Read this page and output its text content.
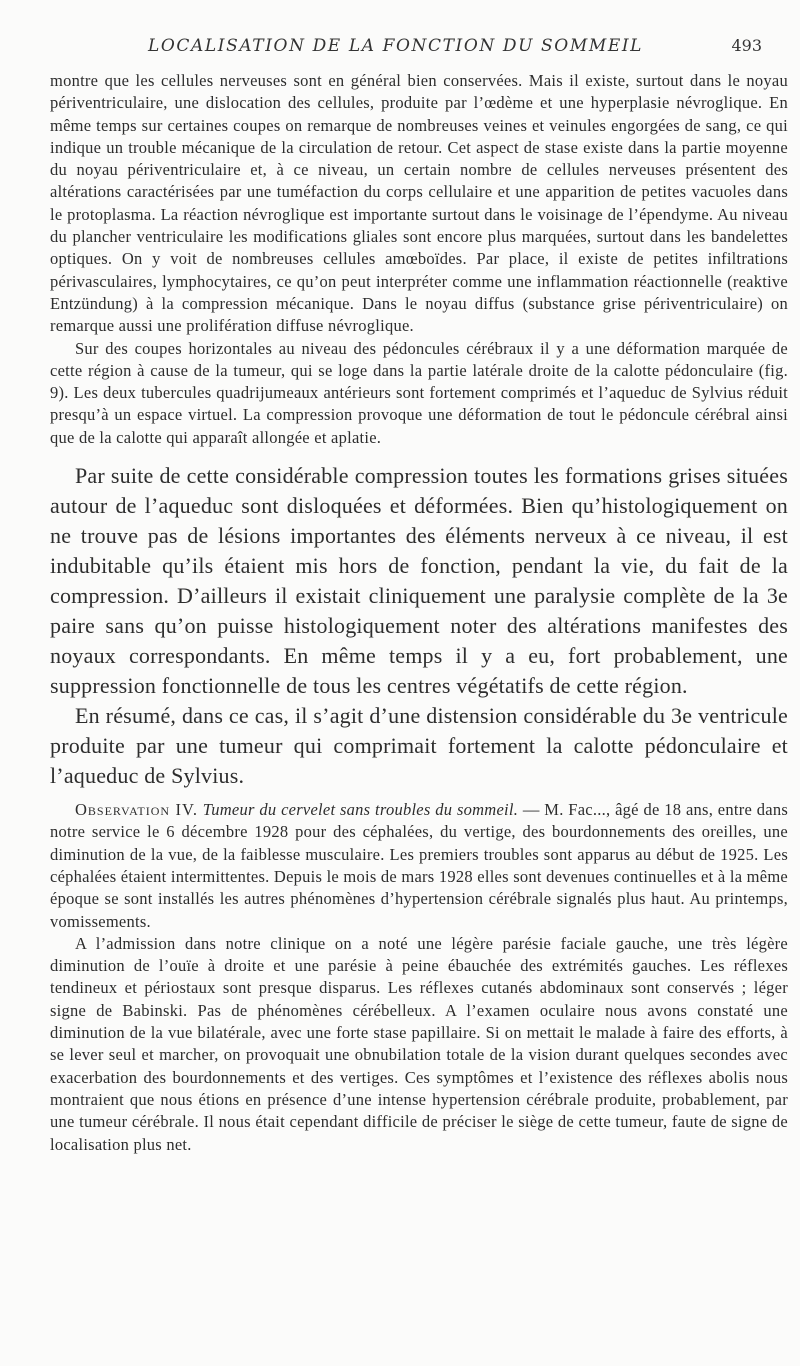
LOCALISATION DE LA FONCTION DU SOMMEIL	493

montre que les cellules nerveuses sont en général bien conservées. Mais il existe, surtout dans le noyau périventriculaire, une dislocation des cellules, produite par l’œdème et une hyperplasie névroglique. En même temps sur certaines coupes on remarque de nombreuses veines et veinules engorgées de sang, ce qui indique un trouble mécanique de la circulation de retour. Cet aspect de stase existe dans la partie moyenne du noyau périventriculaire et, à ce niveau, un certain nombre de cellules nerveuses présentent des altérations caractérisées par une tuméfaction du corps cellulaire et une apparition de petites vacuoles dans le protoplasma. La réaction névroglique est importante surtout dans le voisinage de l’épendyme. Au niveau du plancher ventriculaire les modifications gliales sont encore plus marquées, surtout dans les bandelettes optiques. On y voit de nombreuses cellules amœboïdes. Par place, il existe de petites infiltrations périvasculaires, lymphocytaires, ce qu’on peut interpréter comme une inflammation réactionnelle (reaktive Entzündung) à la compression mécanique. Dans le noyau diffus (substance grise périventriculaire) on remarque aussi une prolifération diffuse névroglique.

Sur des coupes horizontales au niveau des pédoncules cérébraux il y a une déformation marquée de cette région à cause de la tumeur, qui se loge dans la partie latérale droite de la calotte pédonculaire (fig. 9). Les deux tubercules quadrijumeaux antérieurs sont fortement comprimés et l’aqueduc de Sylvius réduit presqu’à un espace virtuel. La compression provoque une déformation de tout le pédoncule cérébral ainsi que de la calotte qui apparaît allongée et aplatie.

Par suite de cette considérable compression toutes les formations grises situées autour de l’aqueduc sont disloquées et déformées. Bien qu’histologiquement on ne trouve pas de lésions importantes des éléments nerveux à ce niveau, il est indubitable qu’ils étaient mis hors de fonction, pendant la vie, du fait de la compression. D’ailleurs il existait cliniquement une paralysie complète de la 3e paire sans qu’on puisse histologiquement noter des altérations manifestes des noyaux correspondants. En même temps il y a eu, fort probablement, une suppression fonctionnelle de tous les centres végétatifs de cette région.

En résumé, dans ce cas, il s’agit d’une distension considérable du 3e ventricule produite par une tumeur qui comprimait fortement la calotte pédonculaire et l’aqueduc de Sylvius.

Observation IV. Tumeur du cervelet sans troubles du sommeil. — M. Fac..., âgé de 18 ans, entre dans notre service le 6 décembre 1928 pour des céphalées, du vertige, des bourdonnements des oreilles, une diminution de la vue, de la faiblesse musculaire. Les premiers troubles sont apparus au début de 1925. Les céphalées étaient intermittentes. Depuis le mois de mars 1928 elles sont devenues continuelles et à la même époque se sont installés les autres phénomènes d’hypertension cérébrale signalés plus haut. Au printemps, vomissements.

A l’admission dans notre clinique on a noté une légère parésie faciale gauche, une très légère diminution de l’ouïe à droite et une parésie à peine ébauchée des extrémités gauches. Les réflexes tendineux et périostaux sont presque disparus. Les réflexes cutanés abdominaux sont conservés ; léger signe de Babinski. Pas de phénomènes cérébelleux. A l’examen oculaire nous avons constaté une diminution de la vue bilatérale, avec une forte stase papillaire. Si on mettait le malade à faire des efforts, à se lever seul et marcher, on provoquait une obnubilation totale de la vision durant quelques secondes avec exacerbation des bourdonnements et des vertiges. Ces symptômes et l’existence des réflexes abolis nous montraient que nous étions en présence d’une intense hypertension cérébrale produite, probablement, par une tumeur cérébrale. Il nous était cependant difficile de préciser le siège de cette tumeur, faute de signe de localisation plus net.
